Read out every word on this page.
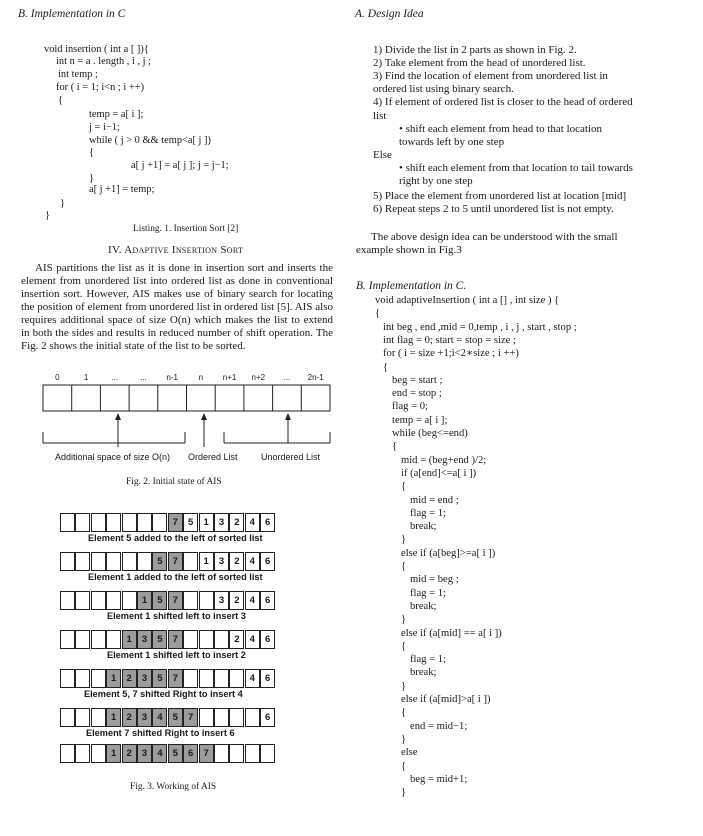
B. Implementation in C
void insertion ( int a [ ]){
int n = a . length , i , j ;
int temp ;
for ( i = 1; i<n ; i ++)
{
temp = a[ i ];
j = i−1;
while ( j > 0 && temp<a[ j ])
{
a[ j +1] = a[ j ]; j = j−1;
}
a[ j +1] = temp;
}
}
Listing. 1. Insertion Sort [2]
IV. Adaptive Insertion Sort
AIS partitions the list as it is done in insertion sort and inserts the element from unordered list into ordered list as done in conventional insertion sort. However, AIS makes use of binary search for locating the position of element from unordered list in ordered list [5]. AIS also requires additional space of size O(n) which makes the list to extend in both the sides and results in reduced number of shift operation. The Fig. 2 shows the initial state of the list to be sorted.
0	1	...	...	n-1	n	n+1	n+2	...	2n-1
Additional space of size O(n) Ordered List	Unordered List
Fig. 2. Initial state of AIS
7	5	1	3	2	4	6
Element 5 added to the left of sorted list
5	7	1	3	2	4	6
Element 1 added to the left of sorted list
1	5	7	3	2	4	6
Element 1 shifted left to insert 3
1	3	5	7	2	4	6
Element 1 shifted left to insert 2
1	2	3	5	7	4	6
Element 5, 7 shifted Right to insert 4
1	2	3	4	5	7	6
Element 7 shifted Right to insert 6
1	2	3	4	5	6	7
Fig. 3. Working of AIS
A. Design Idea
1) Divide the list in 2 parts as shown in Fig. 2.
2) Take element from the head of unordered list.
3) Find the location of element from unordered list in
ordered list using binary search.
4) If element of ordered list is closer to the head of ordered
list
• shift each element from head to that location
towards left by one step
Else
• shift each element from that location to tail towards
right by one step
5) Place the element from unordered list at location [mid]
6) Repeat steps 2 to 5 until unordered list is not empty.
The above design idea can be understood with the small
example shown in Fig.3
B. Implementation in C.
void adaptiveInsertion ( int a [] , int size ) {
{
int beg , end ,mid = 0,temp , i , j , start , stop ;
int flag = 0; start = stop = size ;
for ( i = size +1;i<2∗size ; i ++)
{
beg = start ;
end = stop ;
flag = 0;
temp = a[ i ];
while (beg<=end)
{
mid = (beg+end )/2;
if (a[end]<=a[ i ])
{
mid = end ;
flag = 1;
break;
}
else if (a[beg]>=a[ i ])
{
mid = beg ;
flag = 1;
break;
}
else if (a[mid] == a[ i ])
{
flag = 1;
break;
}
else if (a[mid]>a[ i ])
{
end = mid−1;
}
else
{
beg = mid+1;
}
